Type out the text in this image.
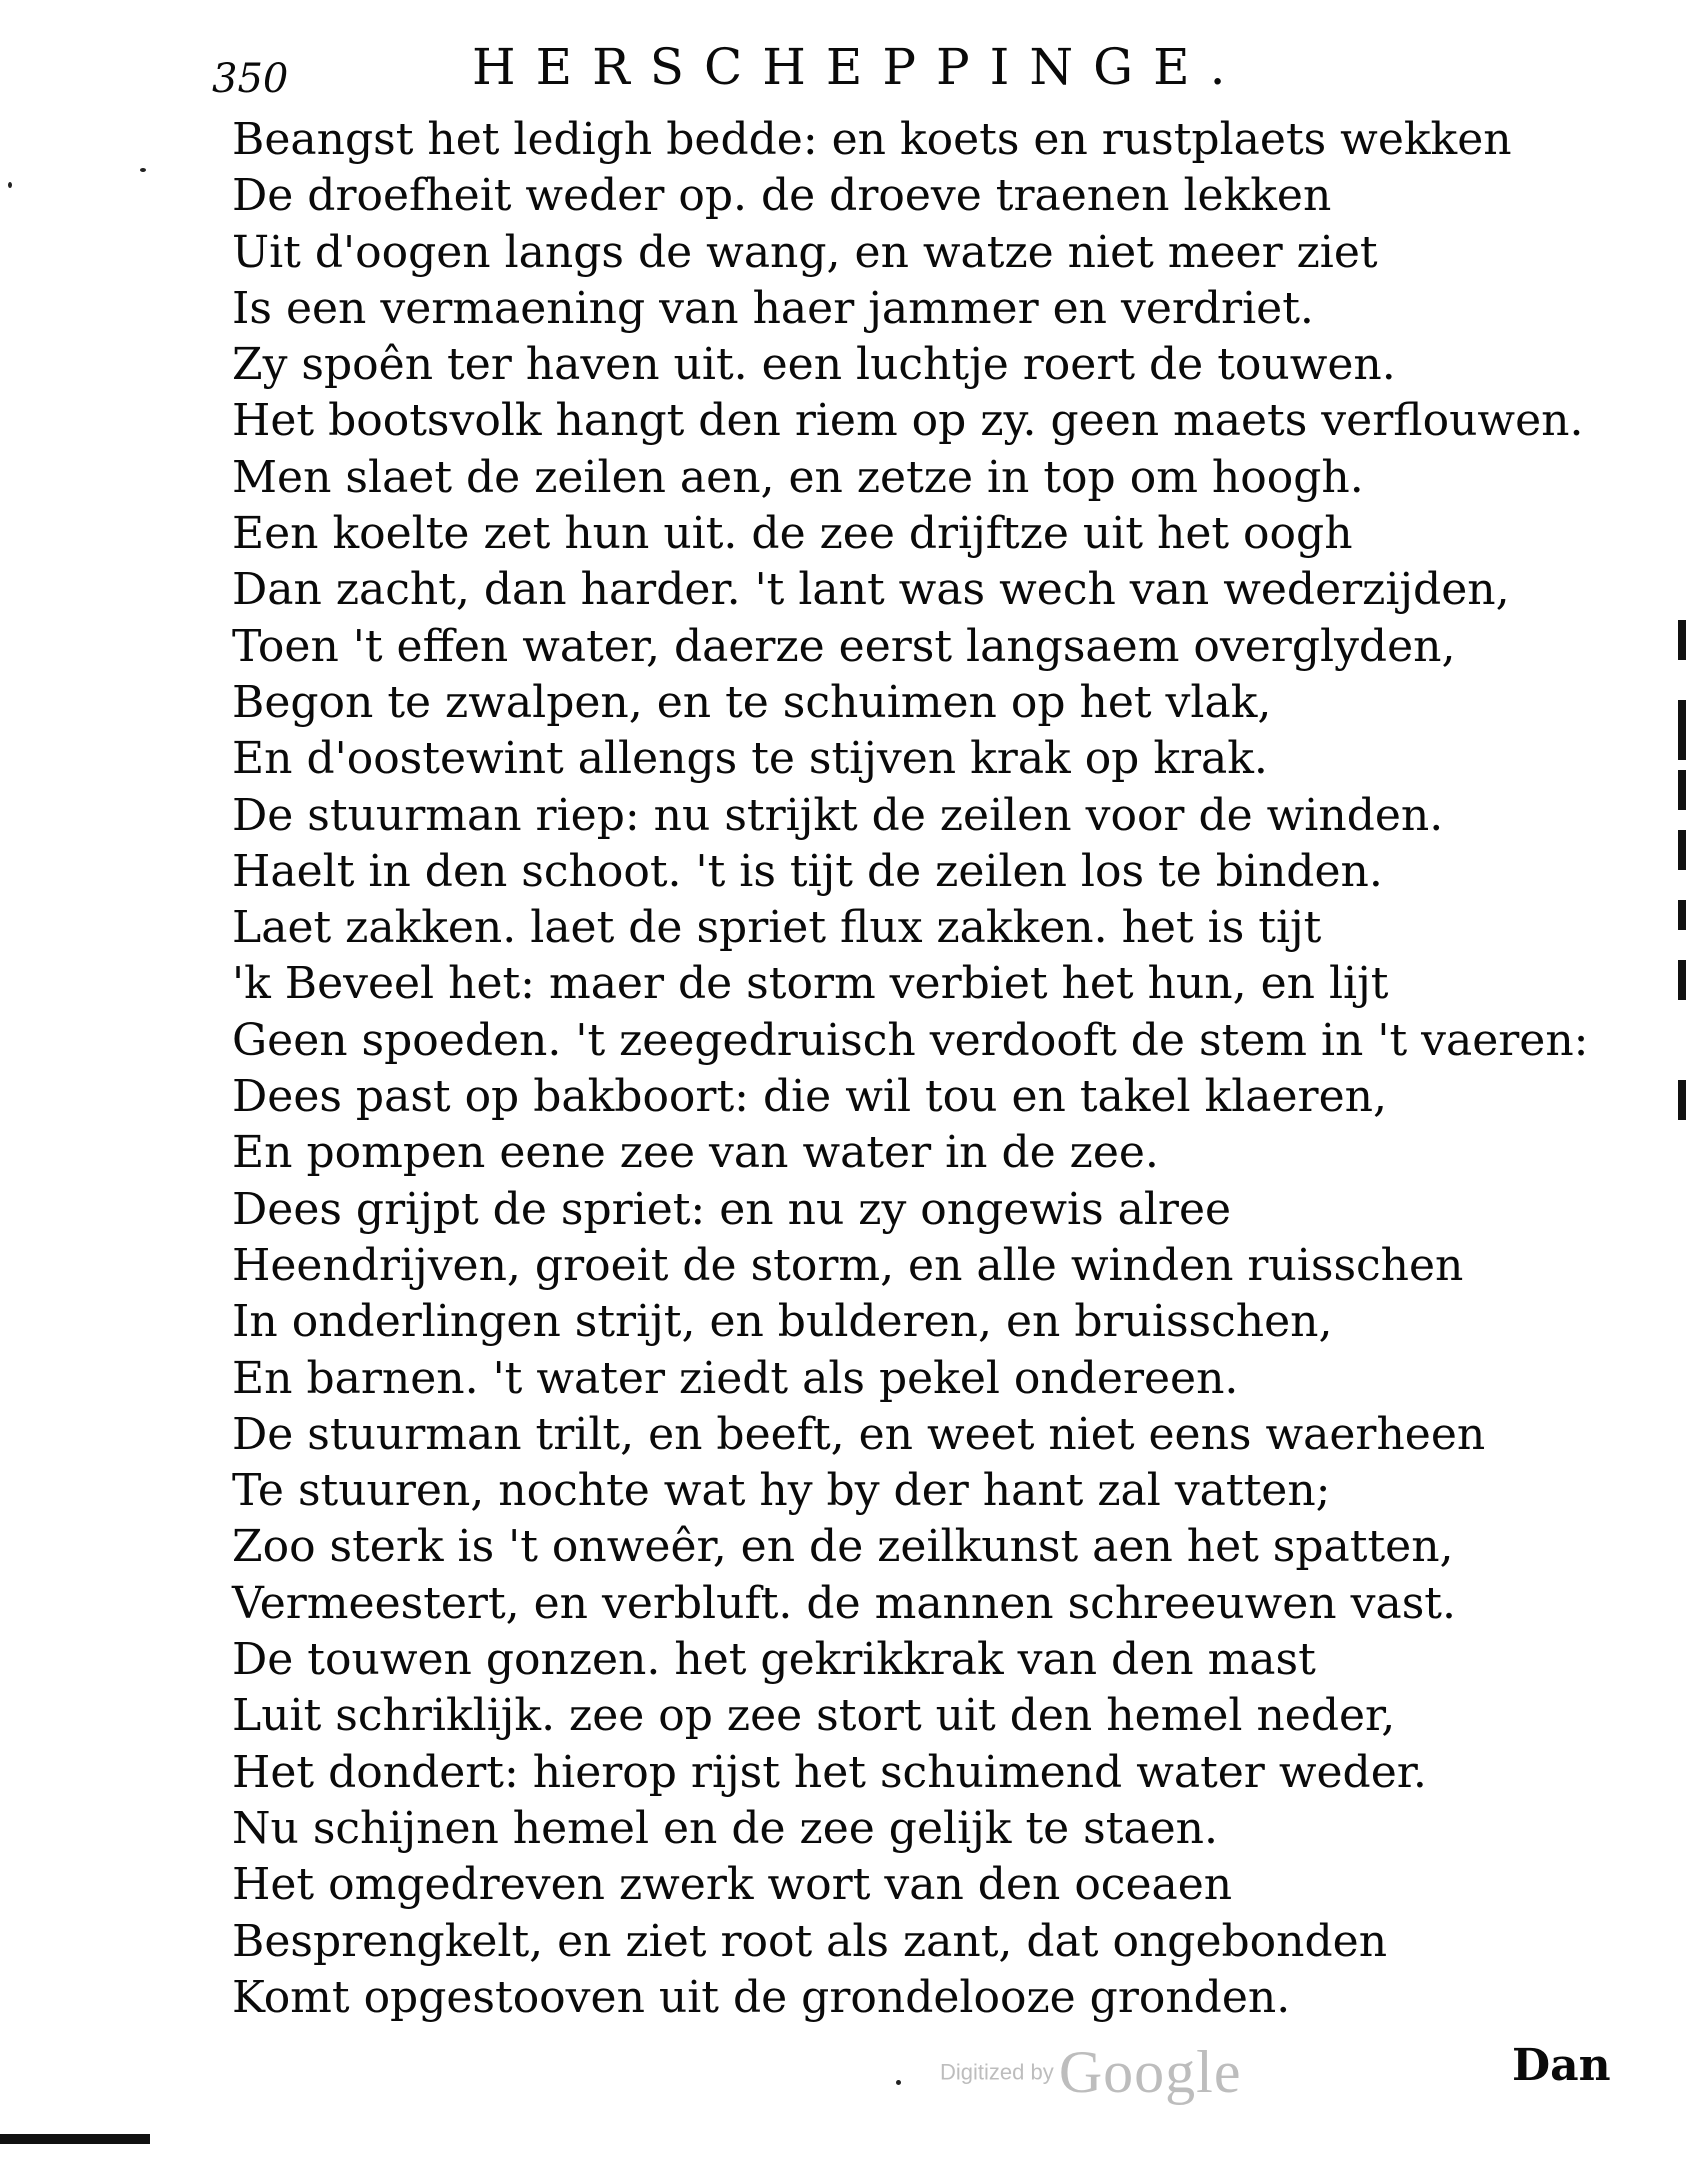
350	HERSCHEPPINGE.
Beangst het ledigh bedde: en koets en rustplaets wekken
De droefheit weder op. de droeve traenen lekken
Uit d'oogen langs de wang, en watze niet meer ziet
Is een vermaening van haer jammer en verdriet.
Zy spoên ter haven uit. een luchtje roert de touwen.
Het bootsvolk hangt den riem op zy. geen maets verflouwen.
Men slaet de zeilen aen, en zetze in top om hoogh.
Een koelte zet hun uit. de zee drijftze uit het oogh
Dan zacht, dan harder. 't lant was wech van wederzijden,
Toen 't effen water, daerze eerst langsaem overglyden,
Begon te zwalpen, en te schuimen op het vlak,
En d'oostewint allengs te stijven krak op krak.
De stuurman riep: nu strijkt de zeilen voor de winden.
Haelt in den schoot. 't is tijt de zeilen los te binden.
Laet zakken. laet de spriet flux zakken. het is tijt
'k Beveel het: maer de storm verbiet het hun, en lijt
Geen spoeden. 't zeegedruisch verdooft de stem in 't vaeren:
Dees past op bakboort: die wil tou en takel klaeren,
En pompen eene zee van water in de zee.
Dees grijpt de spriet: en nu zy ongewis alree
Heendrijven, groeit de storm, en alle winden ruisschen
In onderlingen strijt, en bulderen, en bruisschen,
En barnen. 't water ziedt als pekel ondereen.
De stuurman trilt, en beeft, en weet niet eens waerheen
Te stuuren, nochte wat hy by der hant zal vatten;
Zoo sterk is 't onweêr, en de zeilkunst aen het spatten,
Vermeestert, en verbluft. de mannen schreeuwen vast.
De touwen gonzen. het gekrikkrak van den mast
Luit schriklijk. zee op zee stort uit den hemel neder,
Het dondert: hierop rijst het schuimend water weder.
Nu schijnen hemel en de zee gelijk te staen.
Het omgedreven zwerk wort van den oceaen
Besprengkelt, en ziet root als zant, dat ongebonden
Komt opgestooven uit de grondelooze gronden.
Digitized by Google	Dan
